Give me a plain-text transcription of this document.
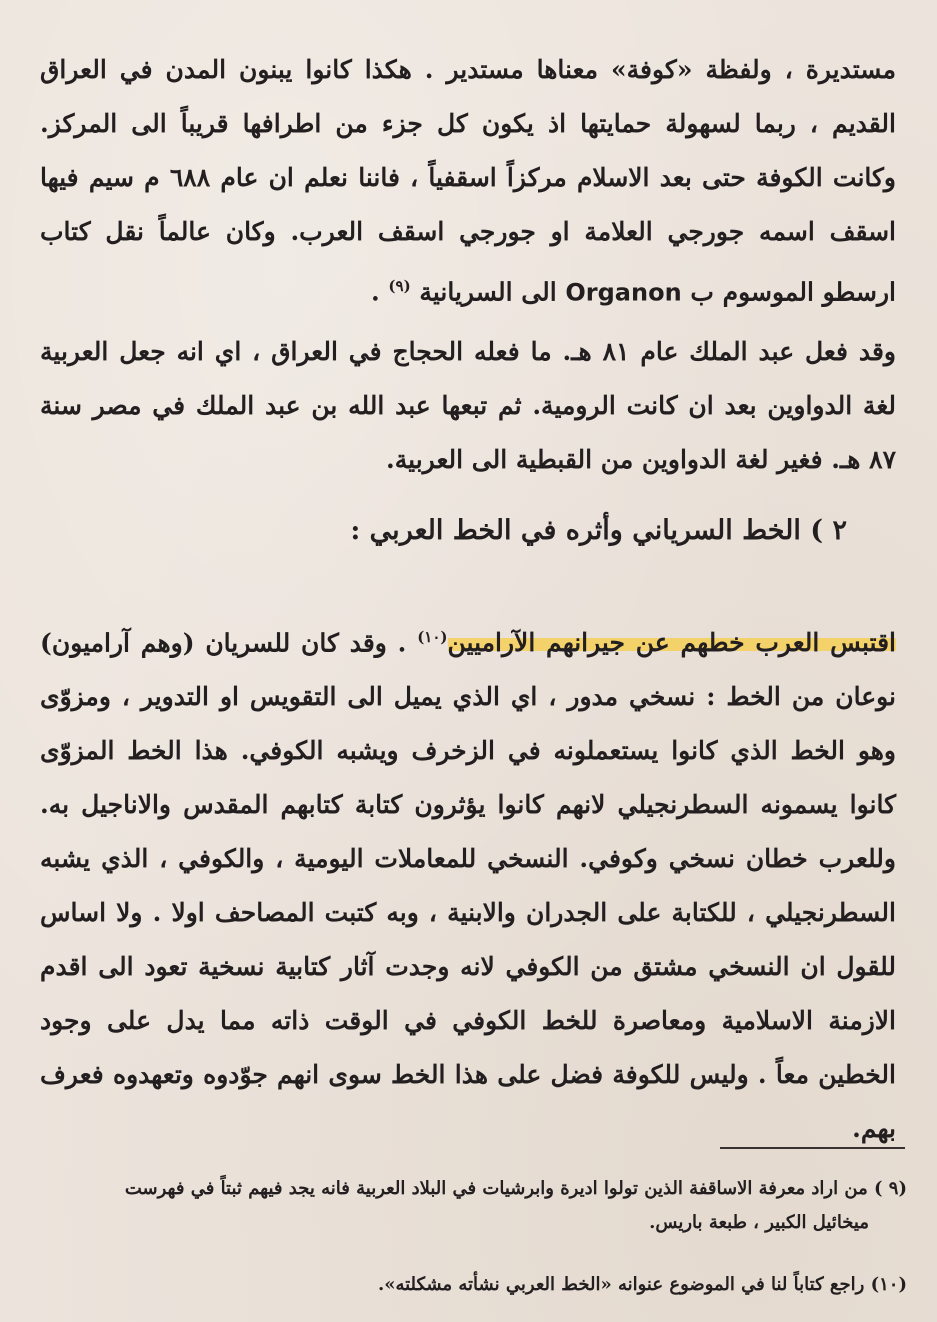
مستديرة ، ولفظة «كوفة» معناها مستدير . هكذا كانوا يبنون المدن في العراق القديم ، ربما لسهولة حمايتها اذ يكون كل جزء من اطرافها قريباً الى المركز. وكانت الكوفة حتى بعد الاسلام مركزاً اسقفياً ، فاننا نعلم ان عام ٦٨٨ م سيم فيها اسقف اسمه جورجي العلامة او جورجي اسقف العرب. وكان عالماً نقل كتاب ارسطو الموسوم ب Organon الى السريانية $^{(٩)}$ .

وقد فعل عبد الملك عام ٨١ هـ. ما فعله الحجاج في العراق ، اي انه جعل العربية لغة الدواوين بعد ان كانت الرومية. ثم تبعها عبد الله بن عبد الملك في مصر سنة ٨٧ هـ. فغير لغة الدواوين من القبطية الى العربية.

٢ ) الخط السرياني وأثره في الخط العربي :

اقتبس العرب خطهم عن جيرانهم الآراميين$^{(١٠)}$ . وقد كان للسريان (وهم آراميون) نوعان من الخط : نسخي مدور ، اي الذي يميل الى التقويس او التدوير ، ومزوّى وهو الخط الذي كانوا يستعملونه في الزخرف ويشبه الكوفي. هذا الخط المزوّى كانوا يسمونه السطرنجيلي لانهم كانوا يؤثرون كتابة كتابهم المقدس والاناجيل به. وللعرب خطان نسخي وكوفي. النسخي للمعاملات اليومية ، والكوفي ، الذي يشبه السطرنجيلي ، للكتابة على الجدران والابنية ، وبه كتبت المصاحف اولا . ولا اساس للقول ان النسخي مشتق من الكوفي لانه وجدت آثار كتابية نسخية تعود الى اقدم الازمنة الاسلامية ومعاصرة للخط الكوفي في الوقت ذاته مما يدل على وجود الخطين معاً . وليس للكوفة فضل على هذا الخط سوى انهم جوّدوه وتعهدوه فعرف بهم.

(٩ ) من اراد معرفة الاساقفة الذين تولوا اديرة وابرشيات في البلاد العربية فانه يجد فيهم ثبتاً في فهرست
ميخائيل الكبير ، طبعة باريس.
(١٠) راجع كتاباً لنا في الموضوع عنوانه «الخط العربي نشأته مشكلته».
